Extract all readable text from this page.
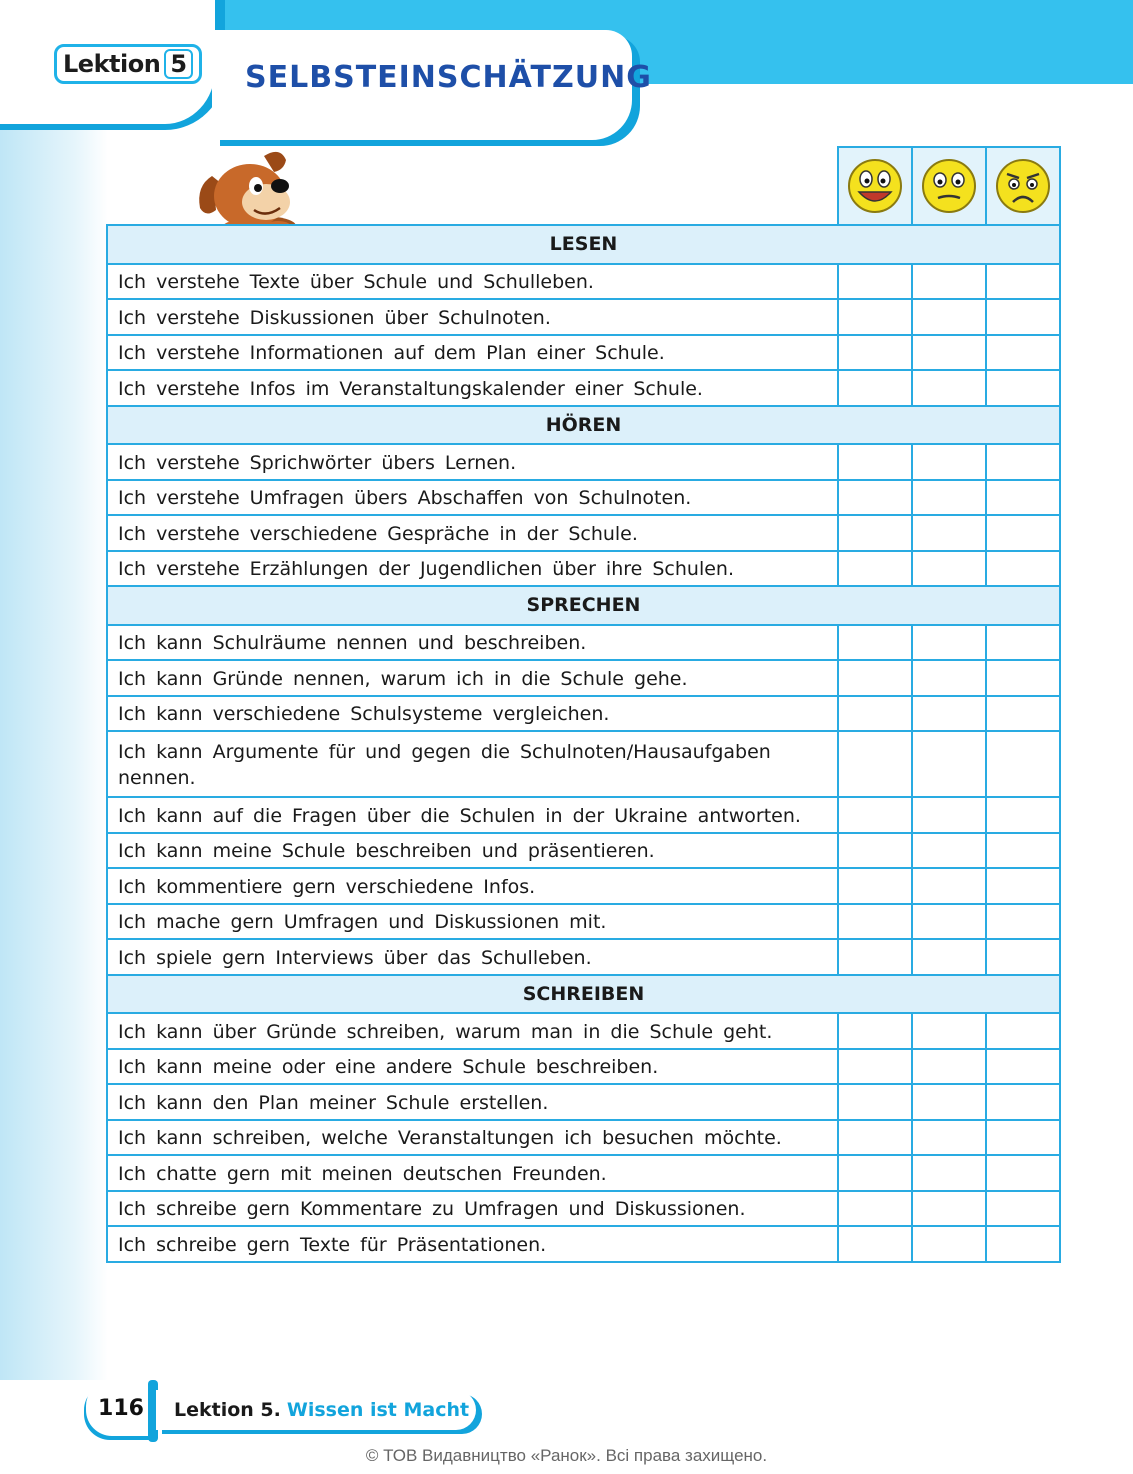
Lektion 5 SELBSTEINSCHÄTZUNG

LESEN			
Ich verstehe Texte über Schule und Schulleben.			
Ich verstehe Diskussionen über Schulnoten.			
Ich verstehe Informationen auf dem Plan einer Schule.			
Ich verstehe Infos im Veranstaltungskalender einer Schule.			
HÖREN			
Ich verstehe Sprichwörter übers Lernen.			
Ich verstehe Umfragen übers Abschaffen von Schulnoten.			
Ich verstehe verschiedene Gespräche in der Schule.			
Ich verstehe Erzählungen der Jugendlichen über ihre Schulen.			
SPRECHEN			
Ich kann Schulräume nennen und beschreiben.			
Ich kann Gründe nennen, warum ich in die Schule gehe.			
Ich kann verschiedene Schulsysteme vergleichen.			
Ich kann Argumente für und gegen die Schulnoten/Hausaufgaben nennen.			
Ich kann auf die Fragen über die Schulen in der Ukraine antworten.			
Ich kann meine Schule beschreiben und präsentieren.			
Ich kommentiere gern verschiedene Infos.			
Ich mache gern Umfragen und Diskussionen mit.			
Ich spiele gern Interviews über das Schulleben.			
SCHREIBEN			
Ich kann über Gründe schreiben, warum man in die Schule geht.			
Ich kann meine oder eine andere Schule beschreiben.			
Ich kann den Plan meiner Schule erstellen.			
Ich kann schreiben, welche Veranstaltungen ich besuchen möchte.			
Ich chatte gern mit meinen deutschen Freunden.			
Ich schreibe gern Kommentare zu Umfragen und Diskussionen.			
Ich schreibe gern Texte für Präsentationen.			
116	Lektion 5. Wissen ist Macht
© ТОВ Видавництво «Ранок». Всі права захищено.
